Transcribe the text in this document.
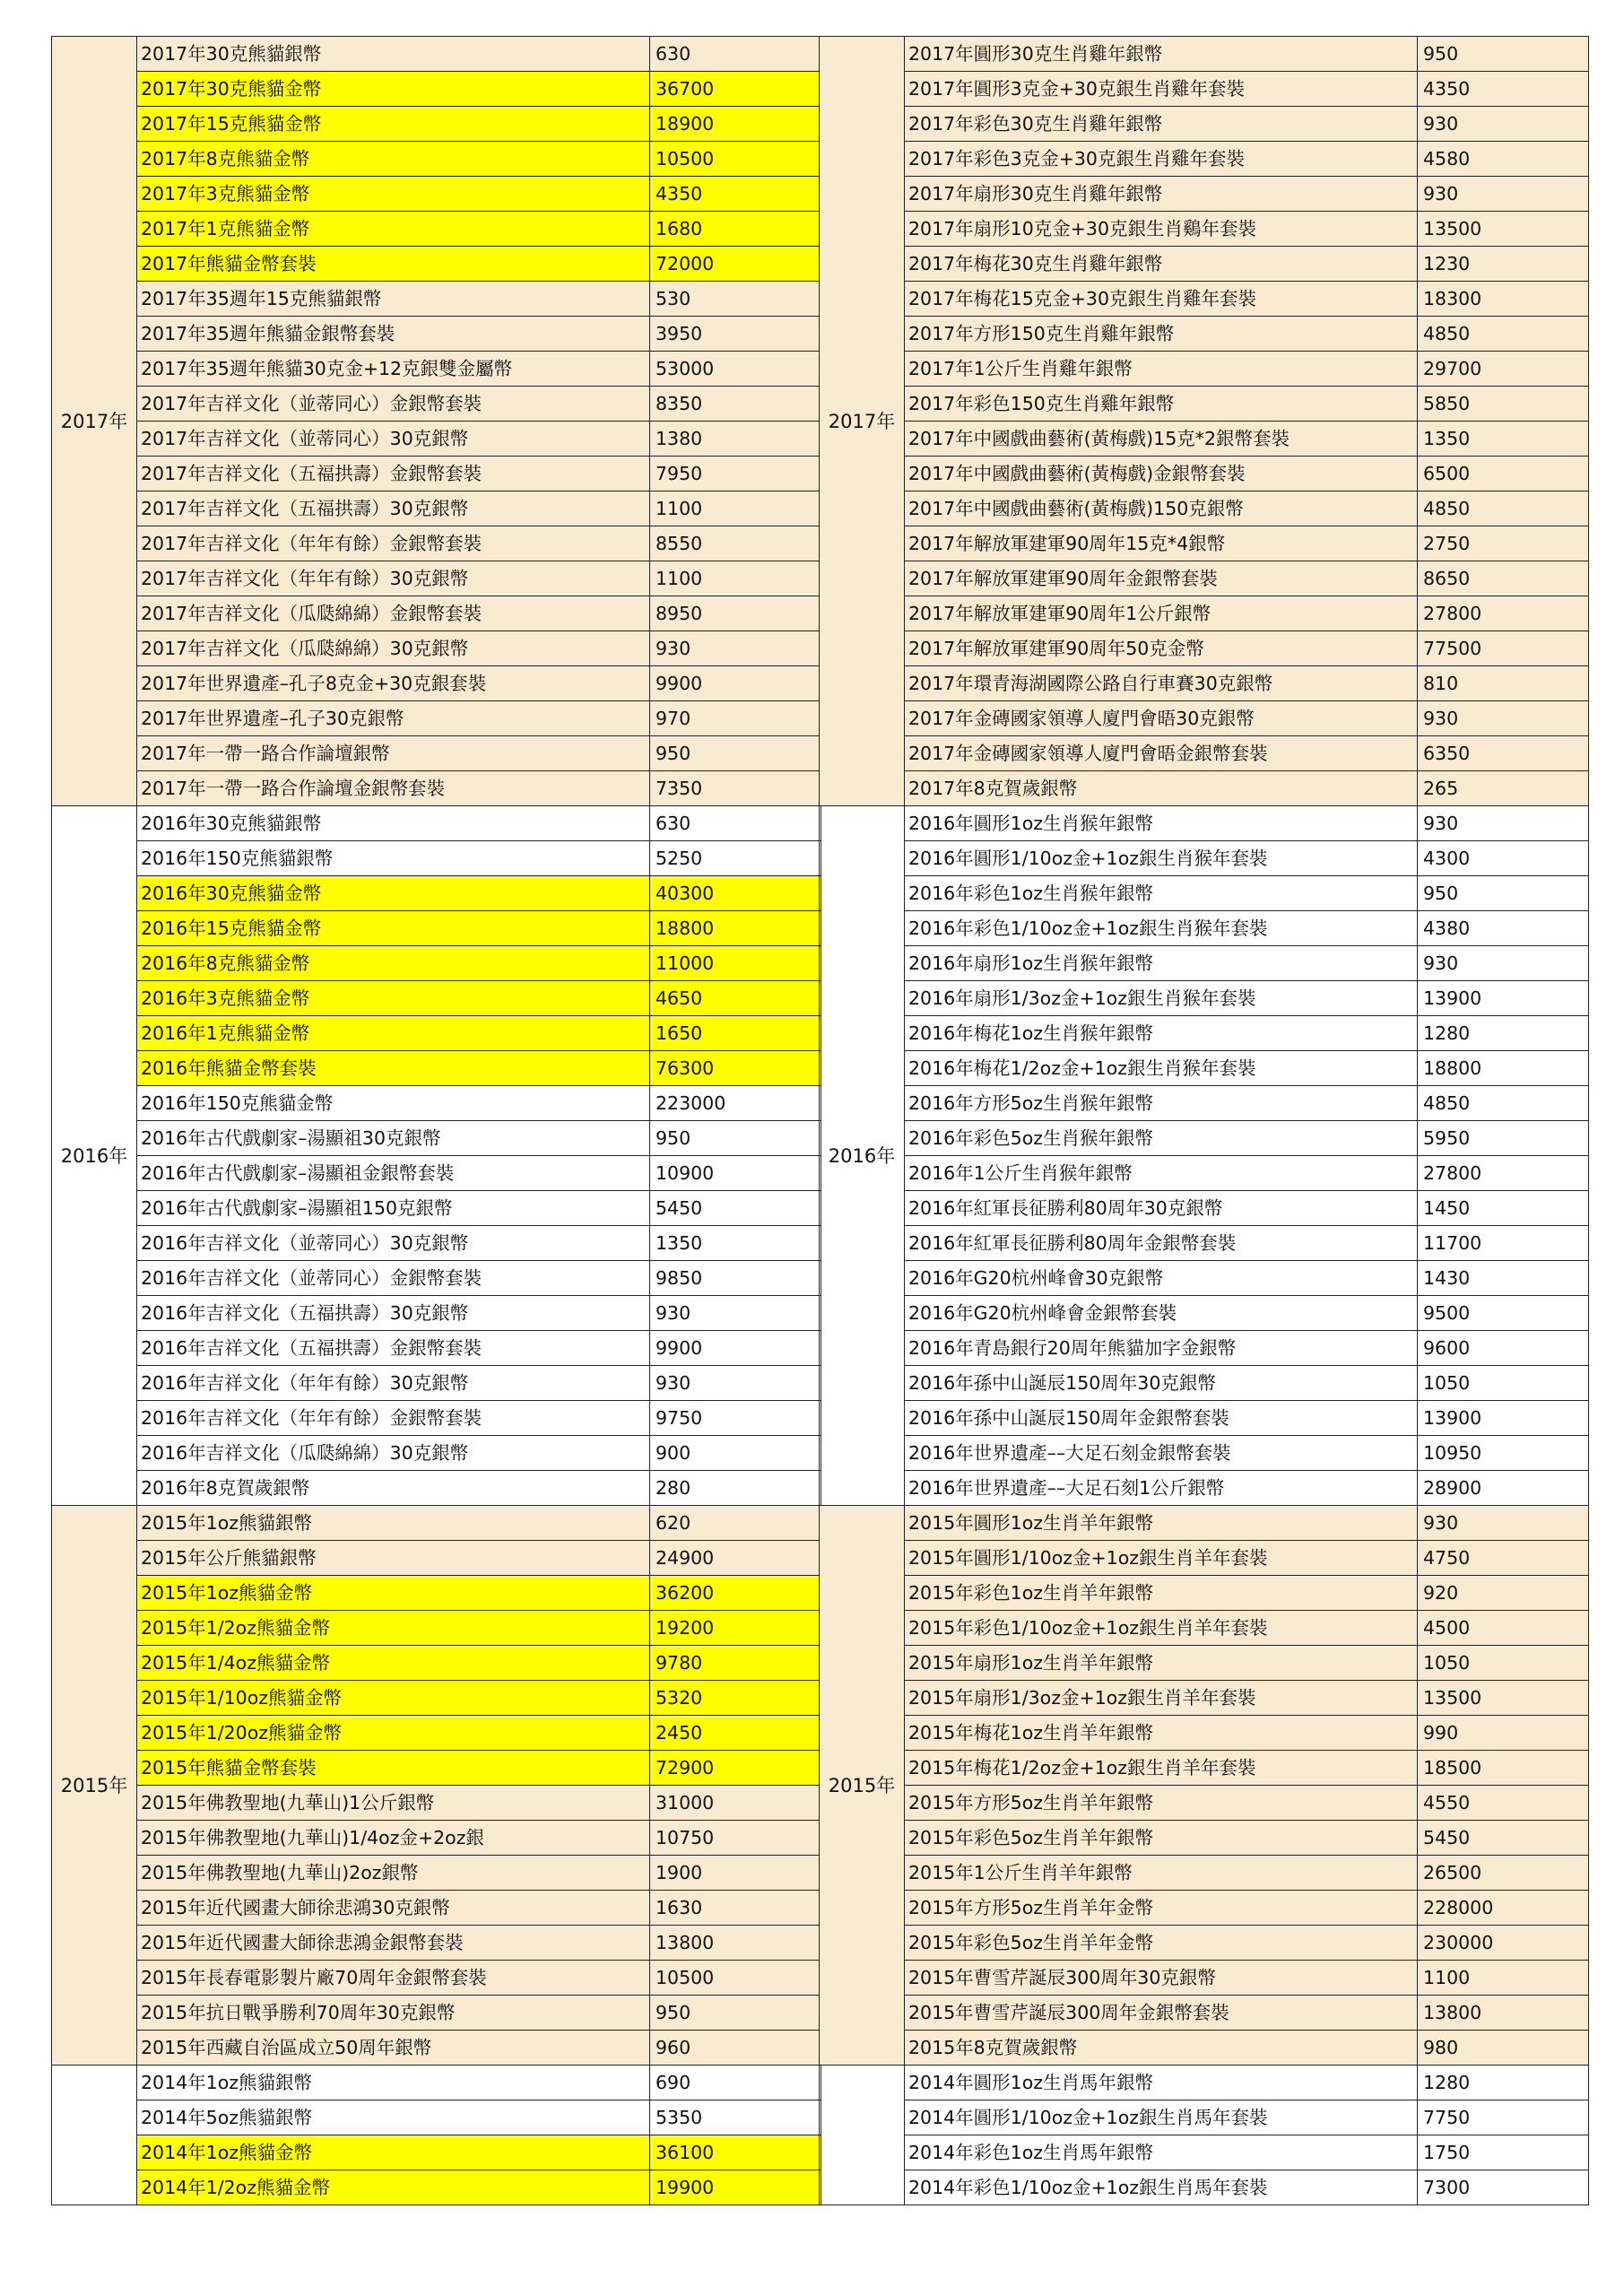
2017年	2017年30克熊貓銀幣	630
	2017年30克熊貓金幣	36700
	2017年15克熊貓金幣	18900
	2017年8克熊貓金幣	10500
	2017年3克熊貓金幣	4350
	2017年1克熊貓金幣	1680
	2017年熊貓金幣套裝	72000
	2017年35週年15克熊貓銀幣	530
	2017年35週年熊貓金銀幣套裝	3950
	2017年35週年熊貓30克金+12克銀雙金屬幣	53000
	2017年吉祥文化（並蒂同心）金銀幣套裝	8350
	2017年吉祥文化（並蒂同心）30克銀幣	1380
	2017年吉祥文化（五福拱壽）金銀幣套裝	7950
	2017年吉祥文化（五福拱壽）30克銀幣	1100
	2017年吉祥文化（年年有餘）金銀幣套裝	8550
	2017年吉祥文化（年年有餘）30克銀幣	1100
	2017年吉祥文化（瓜瓞綿綿）金銀幣套裝	8950
	2017年吉祥文化（瓜瓞綿綿）30克銀幣	930
	2017年世界遺產–孔子8克金+30克銀套裝	9900
	2017年世界遺產–孔子30克銀幣	970
	2017年一帶一路合作論壇銀幣	950
	2017年一帶一路合作論壇金銀幣套裝	7350
2016年	2016年30克熊貓銀幣	630
	2016年150克熊貓銀幣	5250
	2016年30克熊貓金幣	40300
	2016年15克熊貓金幣	18800
	2016年8克熊貓金幣	11000
	2016年3克熊貓金幣	4650
	2016年1克熊貓金幣	1650
	2016年熊貓金幣套裝	76300
	2016年150克熊貓金幣	223000
	2016年古代戲劇家–湯顯祖30克銀幣	950
	2016年古代戲劇家–湯顯祖金銀幣套裝	10900
	2016年古代戲劇家–湯顯祖150克銀幣	5450
	2016年吉祥文化（並蒂同心）30克銀幣	1350
	2016年吉祥文化（並蒂同心）金銀幣套裝	9850
	2016年吉祥文化（五福拱壽）30克銀幣	930
	2016年吉祥文化（五福拱壽）金銀幣套裝	9900
	2016年吉祥文化（年年有餘）30克銀幣	930
	2016年吉祥文化（年年有餘）金銀幣套裝	9750
	2016年吉祥文化（瓜瓞綿綿）30克銀幣	900
	2016年8克賀歲銀幣	280
2015年	2015年1oz熊貓銀幣	620
	2015年公斤熊貓銀幣	24900
	2015年1oz熊貓金幣	36200
	2015年1/2oz熊貓金幣	19200
	2015年1/4oz熊貓金幣	9780
	2015年1/10oz熊貓金幣	5320
	2015年1/20oz熊貓金幣	2450
	2015年熊貓金幣套裝	72900
	2015年佛教聖地(九華山)1公斤銀幣	31000
	2015年佛教聖地(九華山)1/4oz金+2oz銀	10750
	2015年佛教聖地(九華山)2oz銀幣	1900
	2015年近代國畫大師徐悲鴻30克銀幣	1630
	2015年近代國畫大師徐悲鴻金銀幣套裝	13800
	2015年長春電影製片廠70周年金銀幣套裝	10500
	2015年抗日戰爭勝利70周年30克銀幣	950
	2015年西藏自治區成立50周年銀幣	960
	2014年1oz熊貓銀幣	690
	2014年5oz熊貓銀幣	5350
	2014年1oz熊貓金幣	36100
	2014年1/2oz熊貓金幣	19900
2017年	2017年圓形30克生肖雞年銀幣	950
	2017年圓形3克金+30克銀生肖雞年套裝	4350
	2017年彩色30克生肖雞年銀幣	930
	2017年彩色3克金+30克銀生肖雞年套裝	4580
	2017年扇形30克生肖雞年銀幣	930
	2017年扇形10克金+30克銀生肖鷄年套裝	13500
	2017年梅花30克生肖雞年銀幣	1230
	2017年梅花15克金+30克銀生肖雞年套裝	18300
	2017年方形150克生肖雞年銀幣	4850
	2017年1公斤生肖雞年銀幣	29700
	2017年彩色150克生肖雞年銀幣	5850
	2017年中國戲曲藝術(黃梅戲)15克*2銀幣套裝	1350
	2017年中國戲曲藝術(黃梅戲)金銀幣套裝	6500
	2017年中國戲曲藝術(黃梅戲)150克銀幣	4850
	2017年解放軍建軍90周年15克*4銀幣	2750
	2017年解放軍建軍90周年金銀幣套裝	8650
	2017年解放軍建軍90周年1公斤銀幣	27800
	2017年解放軍建軍90周年50克金幣	77500
	2017年環青海湖國際公路自行車賽30克銀幣	810
	2017年金磚國家領導人廈門會晤30克銀幣	930
	2017年金磚國家領導人廈門會晤金銀幣套裝	6350
	2017年8克賀歲銀幣	265
2016年	2016年圓形1oz生肖猴年銀幣	930
	2016年圓形1/10oz金+1oz銀生肖猴年套裝	4300
	2016年彩色1oz生肖猴年銀幣	950
	2016年彩色1/10oz金+1oz銀生肖猴年套裝	4380
	2016年扇形1oz生肖猴年銀幣	930
	2016年扇形1/3oz金+1oz銀生肖猴年套裝	13900
	2016年梅花1oz生肖猴年銀幣	1280
	2016年梅花1/2oz金+1oz銀生肖猴年套裝	18800
	2016年方形5oz生肖猴年銀幣	4850
	2016年彩色5oz生肖猴年銀幣	5950
	2016年1公斤生肖猴年銀幣	27800
	2016年紅軍長征勝利80周年30克銀幣	1450
	2016年紅軍長征勝利80周年金銀幣套裝	11700
	2016年G20杭州峰會30克銀幣	1430
	2016年G20杭州峰會金銀幣套裝	9500
	2016年青島銀行20周年熊貓加字金銀幣	9600
	2016年孫中山誕辰150周年30克銀幣	1050
	2016年孫中山誕辰150周年金銀幣套裝	13900
	2016年世界遺產––大足石刻金銀幣套裝	10950
	2016年世界遺產––大足石刻1公斤銀幣	28900
2015年	2015年圓形1oz生肖羊年銀幣	930
	2015年圓形1/10oz金+1oz銀生肖羊年套裝	4750
	2015年彩色1oz生肖羊年銀幣	920
	2015年彩色1/10oz金+1oz銀生肖羊年套裝	4500
	2015年扇形1oz生肖羊年銀幣	1050
	2015年扇形1/3oz金+1oz銀生肖羊年套裝	13500
	2015年梅花1oz生肖羊年銀幣	990
	2015年梅花1/2oz金+1oz銀生肖羊年套裝	18500
	2015年方形5oz生肖羊年銀幣	4550
	2015年彩色5oz生肖羊年銀幣	5450
	2015年1公斤生肖羊年銀幣	26500
	2015年方形5oz生肖羊年金幣	228000
	2015年彩色5oz生肖羊年金幣	230000
	2015年曹雪芹誕辰300周年30克銀幣	1100
	2015年曹雪芹誕辰300周年金銀幣套裝	13800
	2015年8克賀歲銀幣	980
	2014年圓形1oz生肖馬年銀幣	1280
	2014年圓形1/10oz金+1oz銀生肖馬年套裝	7750
	2014年彩色1oz生肖馬年銀幣	1750
	2014年彩色1/10oz金+1oz銀生肖馬年套裝	7300
